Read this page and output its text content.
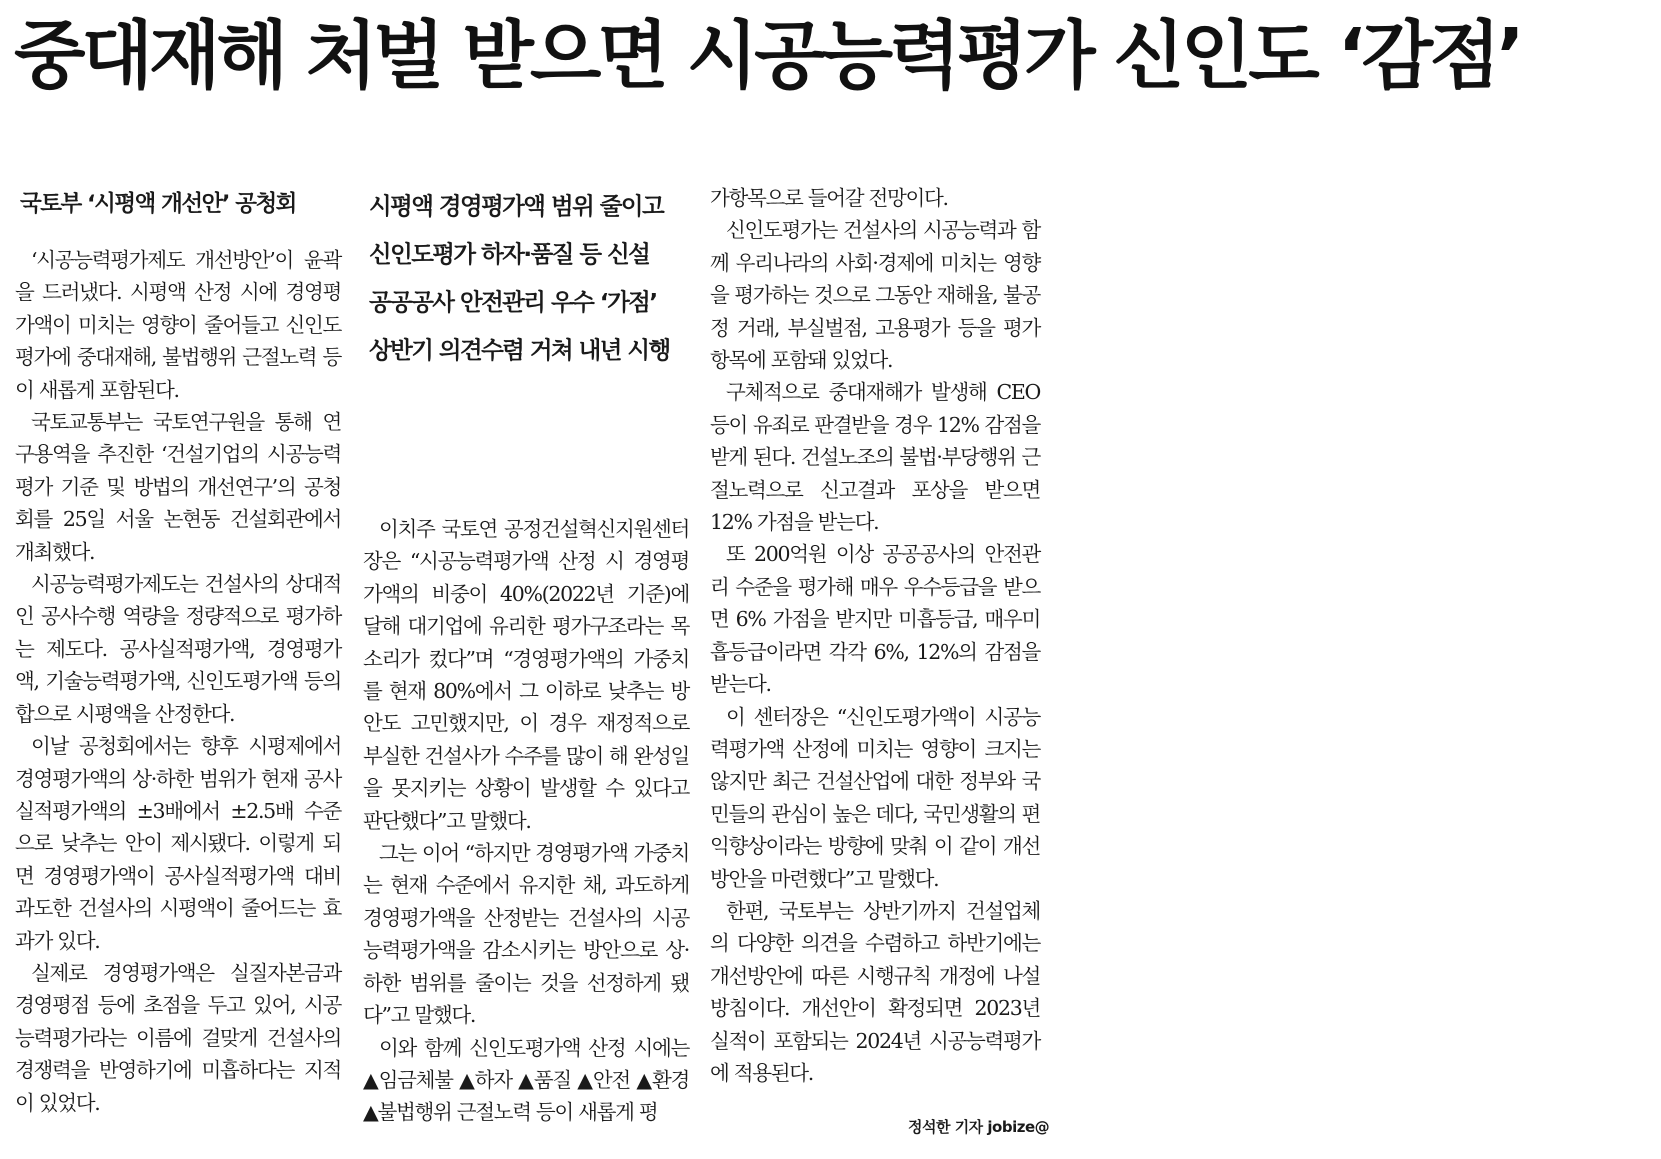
중대재해 처벌 받으면 시공능력평가 신인도 ‘감점’
국토부 ‘시평액 개선안’ 공청회

‘시공능력평가제도 개선방안’이 윤곽을 드러냈다. 시평액 산정 시에 경영평가액이 미치는 영향이 줄어들고 신인도평가에 중대재해, 불법행위 근절노력 등이 새롭게 포함된다.

국토교통부는 국토연구원을 통해 연구용역을 추진한 ‘건설기업의 시공능력평가 기준 및 방법의 개선연구’의 공청회를 25일 서울 논현동 건설회관에서 개최했다.

시공능력평가제도는 건설사의 상대적인 공사수행 역량을 정량적으로 평가하는 제도다. 공사실적평가액, 경영평가액, 기술능력평가액, 신인도평가액 등의 합으로 시평액을 산정한다.

이날 공청회에서는 향후 시평제에서 경영평가액의 상·하한 범위가 현재 공사실적평가액의 ±3배에서 ±2.5배 수준으로 낮추는 안이 제시됐다. 이렇게 되면 경영평가액이 공사실적평가액 대비 과도한 건설사의 시평액이 줄어드는 효과가 있다.

실제로 경영평가액은 실질자본금과 경영평점 등에 초점을 두고 있어, 시공능력평가라는 이름에 걸맞게 건설사의 경쟁력을 반영하기에 미흡하다는 지적이 있었다.

시평액 경영평가액 범위 줄이고
신인도평가 하자·품질 등 신설
공공공사 안전관리 우수 ‘가점’
상반기 의견수렴 거쳐 내년 시행

이치주 국토연 공정건설혁신지원센터장은 “시공능력평가액 산정 시 경영평가액의 비중이 40%(2022년 기준)에 달해 대기업에 유리한 평가구조라는 목소리가 컸다”며 “경영평가액의 가중치를 현재 80%에서 그 이하로 낮추는 방안도 고민했지만, 이 경우 재정적으로 부실한 건설사가 수주를 많이 해 완성일을 못지키는 상황이 발생할 수 있다고 판단했다”고 말했다.

그는 이어 “하지만 경영평가액 가중치는 현재 수준에서 유지한 채, 과도하게 경영평가액을 산정받는 건설사의 시공능력평가액을 감소시키는 방안으로 상·하한 범위를 줄이는 것을 선정하게 됐다”고 말했다.

이와 함께 신인도평가액 산정 시에는 ▲임금체불 ▲하자 ▲품질 ▲안전 ▲환경 ▲불법행위 근절노력 등이 새롭게 평

가항목으로 들어갈 전망이다.

신인도평가는 건설사의 시공능력과 함께 우리나라의 사회·경제에 미치는 영향을 평가하는 것으로 그동안 재해율, 불공정 거래, 부실벌점, 고용평가 등을 평가항목에 포함돼 있었다.

구체적으로 중대재해가 발생해 CEO 등이 유죄로 판결받을 경우 12% 감점을 받게 된다. 건설노조의 불법·부당행위 근절노력으로 신고결과 포상을 받으면 12% 가점을 받는다.

또 200억원 이상 공공공사의 안전관리 수준을 평가해 매우 우수등급을 받으면 6% 가점을 받지만 미흡등급, 매우미흡등급이라면 각각 6%, 12%의 감점을 받는다.

이 센터장은 “신인도평가액이 시공능력평가액 산정에 미치는 영향이 크지는 않지만 최근 건설산업에 대한 정부와 국민들의 관심이 높은 데다, 국민생활의 편익향상이라는 방향에 맞춰 이 같이 개선방안을 마련했다”고 말했다.

한편, 국토부는 상반기까지 건설업체의 다양한 의견을 수렴하고 하반기에는 개선방안에 따른 시행규칙 개정에 나설 방침이다. 개선안이 확정되면 2023년 실적이 포함되는 2024년 시공능력평가에 적용된다.

정석한 기자 jobize@
